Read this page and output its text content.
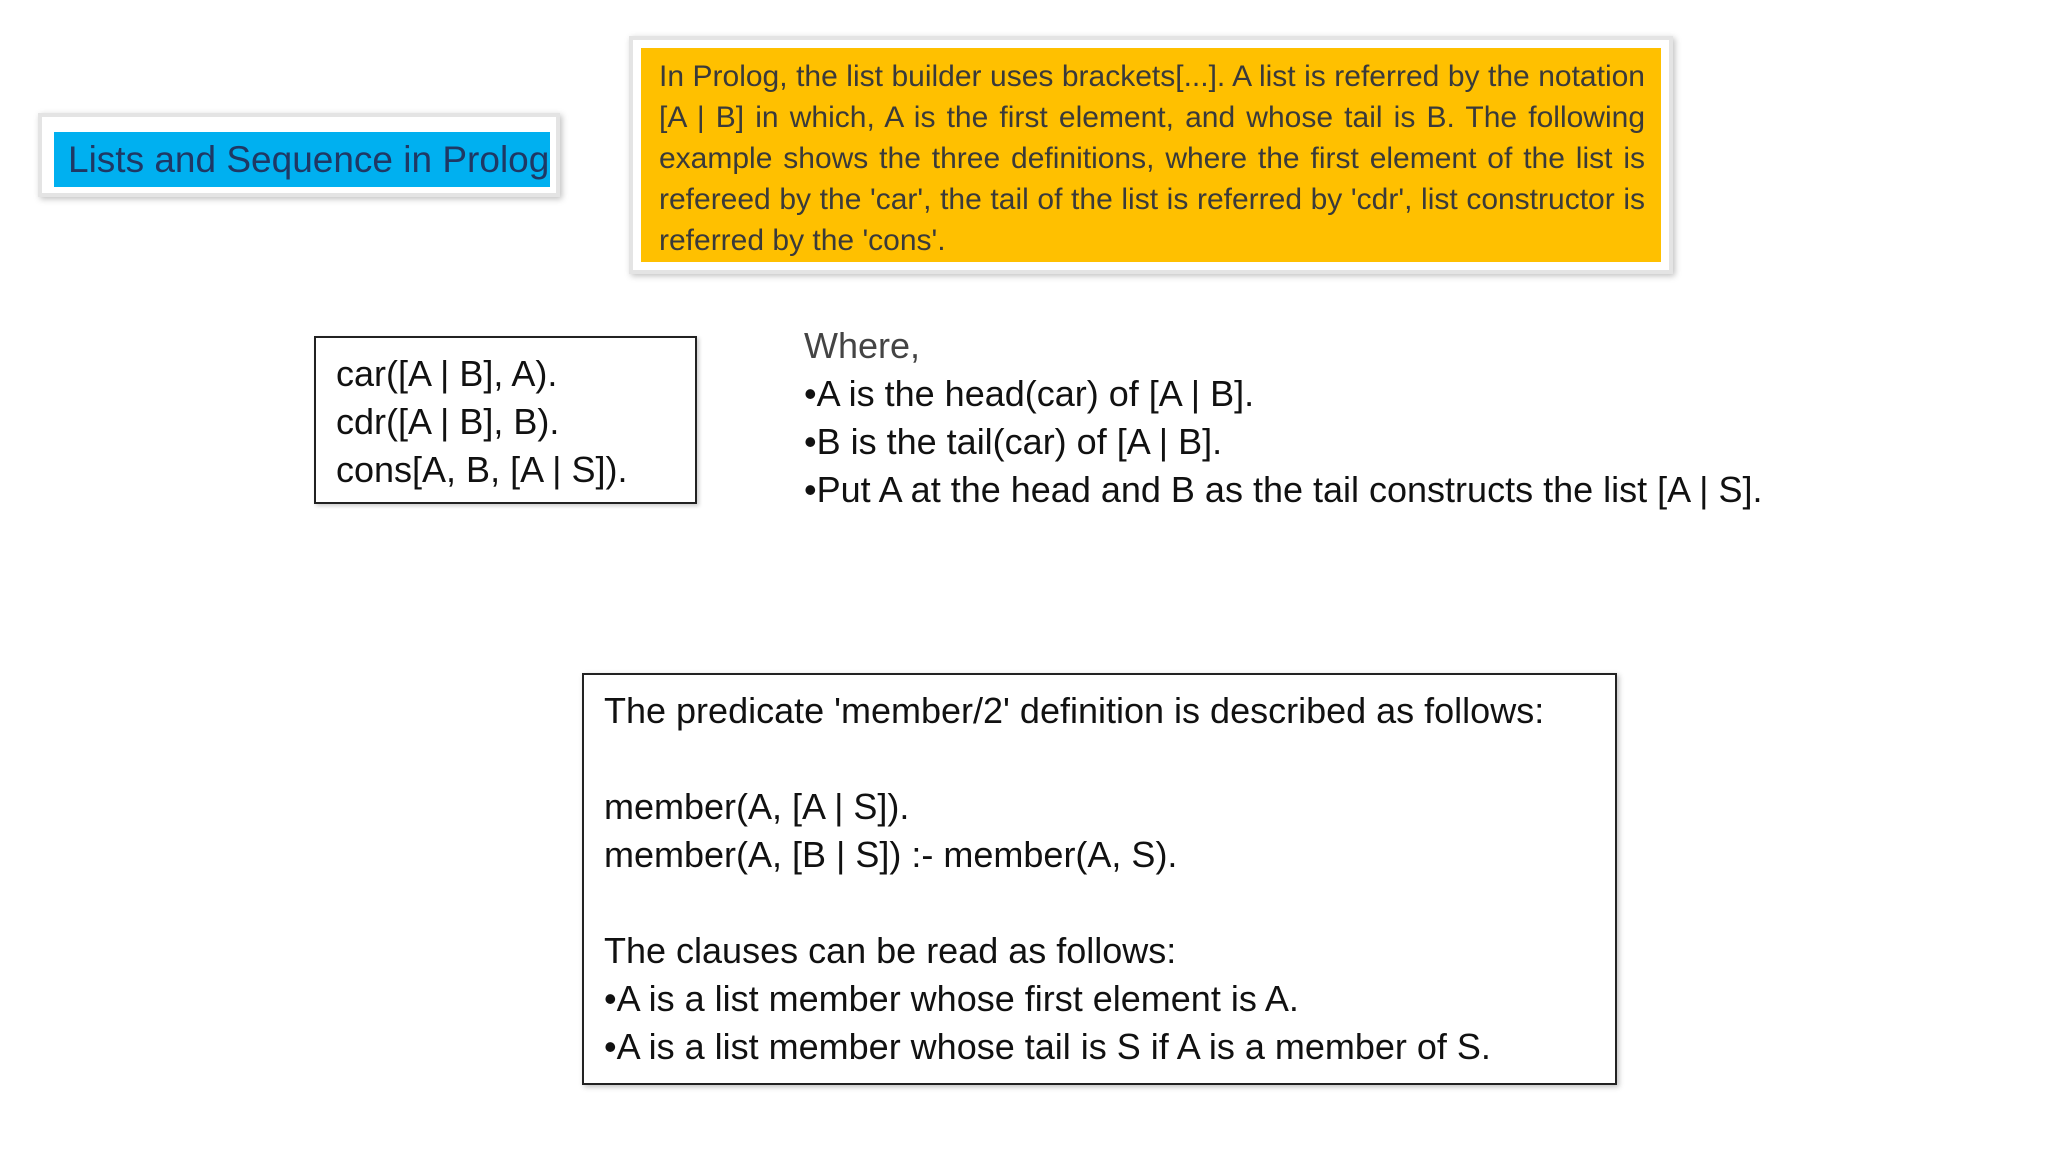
Lists and Sequence in Prolog
In Prolog, the list builder uses brackets[...]. A list is referred by the notation [A | B] in which, A is the first element, and whose tail is B. The following example shows the three definitions, where the first element of the list is refereed by the 'car', the tail of the list is referred by 'cdr', list constructor is referred by the 'cons'.
car([A | B], A).
cdr([A | B], B).
cons[A, B, [A | S]).
Where,
•A is the head(car) of [A | B].
•B is the tail(car) of [A | B].
•Put A at the head and B as the tail constructs the list [A | S].
The predicate 'member/2' definition is described as follows:
member(A, [A | S]).
member(A, [B | S]) :- member(A, S).
The clauses can be read as follows:
•A is a list member whose first element is A.
•A is a list member whose tail is S if A is a member of S.
